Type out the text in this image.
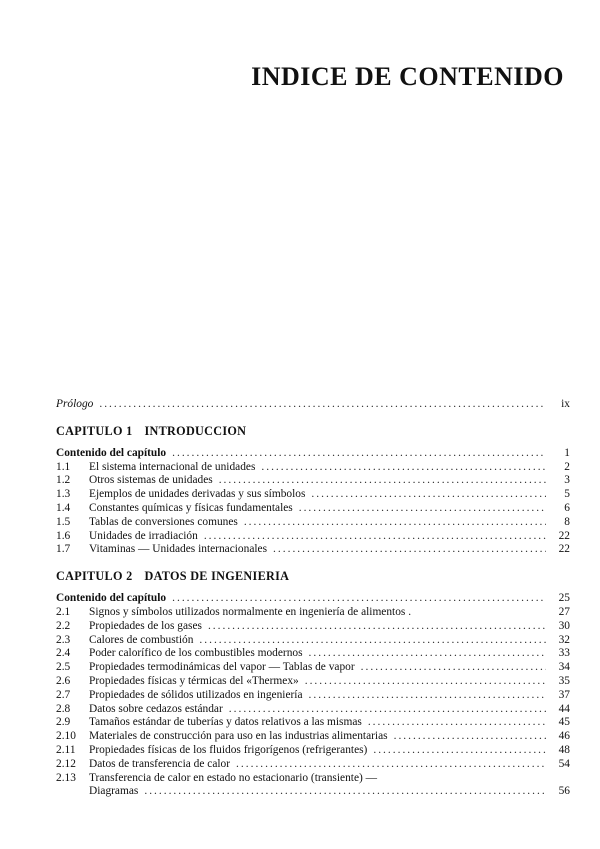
INDICE DE CONTENIDO
Prólogo .....	ix
CAPITULO 1 INTRODUCCION
Contenido del capítulo .....	1
1.1	El sistema internacional de unidades .....	2
1.2	Otros sistemas de unidades .....	3
1.3	Ejemplos de unidades derivadas y sus símbolos .....	5
1.4	Constantes químicas y físicas fundamentales .....	6
1.5	Tablas de conversiones comunes .....	8
1.6	Unidades de irradiación .....	22
1.7	Vitaminas — Unidades internacionales .....	22
CAPITULO 2 DATOS DE INGENIERIA
Contenido del capítulo .....	25
2.1	Signos y símbolos utilizados normalmente en ingeniería de alimentos .	27
2.2	Propiedades de los gases .....	30
2.3	Calores de combustión .....	32
2.4	Poder calorífico de los combustibles modernos .....	33
2.5	Propiedades termodinámicas del vapor — Tablas de vapor .....	34
2.6	Propiedades físicas y térmicas del «Thermex» .....	35
2.7	Propiedades de sólidos utilizados en ingeniería .....	37
2.8	Datos sobre cedazos estándar .....	44
2.9	Tamaños estándar de tuberías y datos relativos a las mismas .....	45
2.10	Materiales de construcción para uso en las industrias alimentarias .....	46
2.11	Propiedades físicas de los fluidos frigorígenos (refrigerantes) .....	48
2.12	Datos de transferencia de calor .....	54
2.13	Transferencia de calor en estado no estacionario (transiente) —
Diagramas .....	56
